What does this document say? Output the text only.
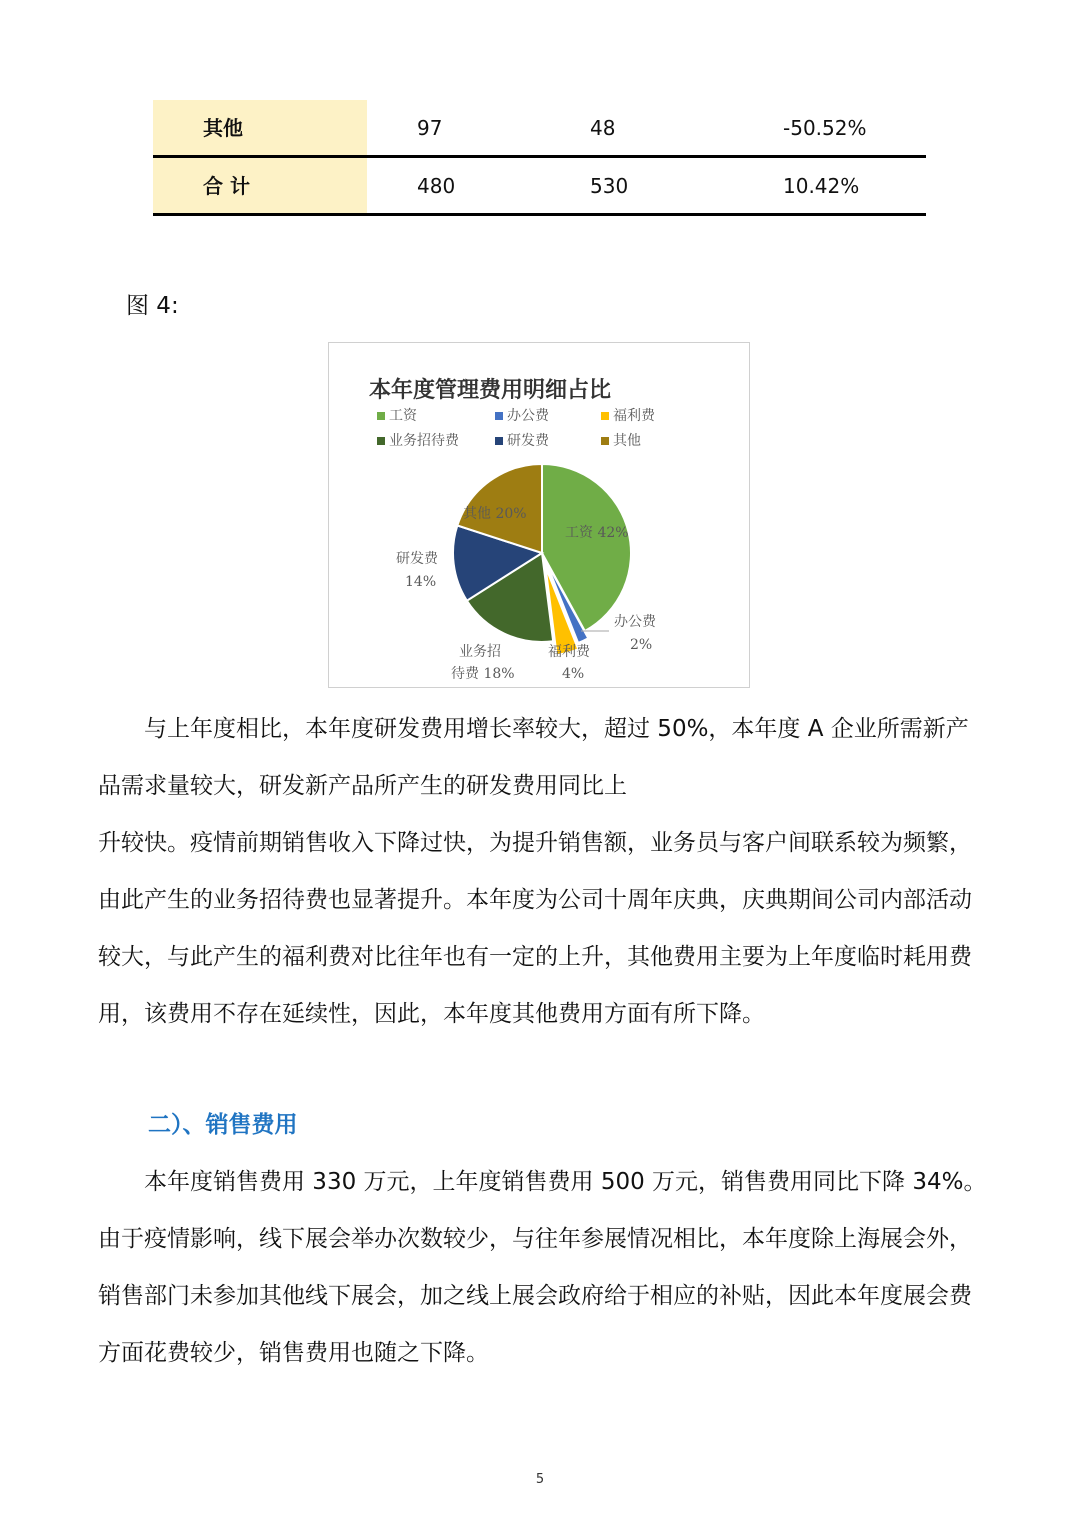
其他	97	48	-50.52%
合 计	480	530	10.42%
图 4:
工资 42%
办公费
2%
福利费
4%
业务招
待费 18%
研发费
14%
其他 20%
本年度管理费用明细占比
工资	办公费	福利费
业务招待费	研发费	其他

与上年度相比，本年度研发费用增长率较大，超过 50%，本年度 A 企业所需新产品需求量较大，研发新产品所产生的研发费用同比上

升较快。疫情前期销售收入下降过快，为提升销售额，业务员与客户间联系较为频繁，由此产生的业务招待费也显著提升。本年度为公司十周年庆典，庆典期间公司内部活动较大，与此产生的福利费对比往年也有一定的上升，其他费用主要为上年度临时耗用费用，该费用不存在延续性，因此，本年度其他费用方面有所下降。

二）、销售费用

本年度销售费用 330 万元，上年度销售费用 500 万元，销售费用同比下降 34%。由于疫情影响，线下展会举办次数较少，与往年参展情况相比，本年度除上海展会外，销售部门未参加其他线下展会，加之线上展会政府给于相应的补贴，因此本年度展会费方面花费较少，销售费用也随之下降。

5
